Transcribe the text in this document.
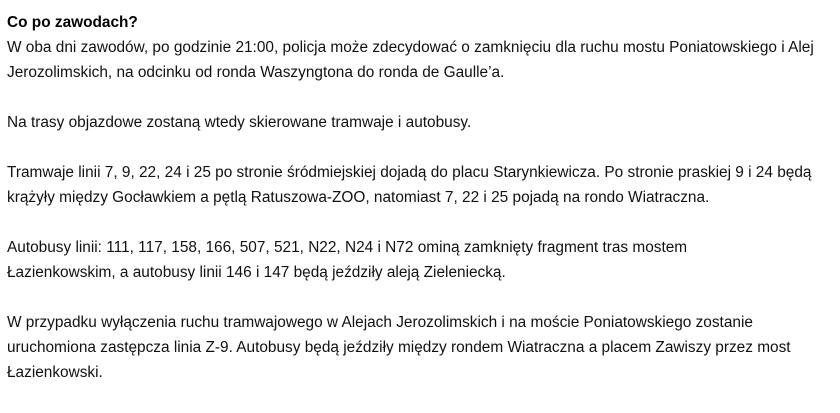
Co po zawodach?

W oba dni zawodów, po godzinie 21:00, policja może zdecydować o zamknięciu dla ruchu mostu Poniatowskiego i Alej Jerozolimskich, na odcinku od ronda Waszyngtona do ronda de Gaulle’a.

Na trasy objazdowe zostaną wtedy skierowane tramwaje i autobusy.

Tramwaje linii 7, 9, 22, 24 i 25 po stronie śródmiejskiej dojadą do placu Starynkiewicza. Po stronie praskiej 9 i 24 będą krążyły między Gocławkiem a pętlą Ratuszowa-ZOO, natomiast 7, 22 i 25 pojadą na rondo Wiatraczna.

Autobusy linii: 111, 117, 158, 166, 507, 521, N22, N24 i N72 ominą zamknięty fragment tras mostem Łazienkowskim, a autobusy linii 146 i 147 będą jeździły aleją Zieleniecką.

W przypadku wyłączenia ruchu tramwajowego w Alejach Jerozolimskich i na moście Poniatowskiego zostanie uruchomiona zastępcza linia Z-9. Autobusy będą jeździły między rondem Wiatraczna a placem Zawiszy przez most Łazienkowski.
